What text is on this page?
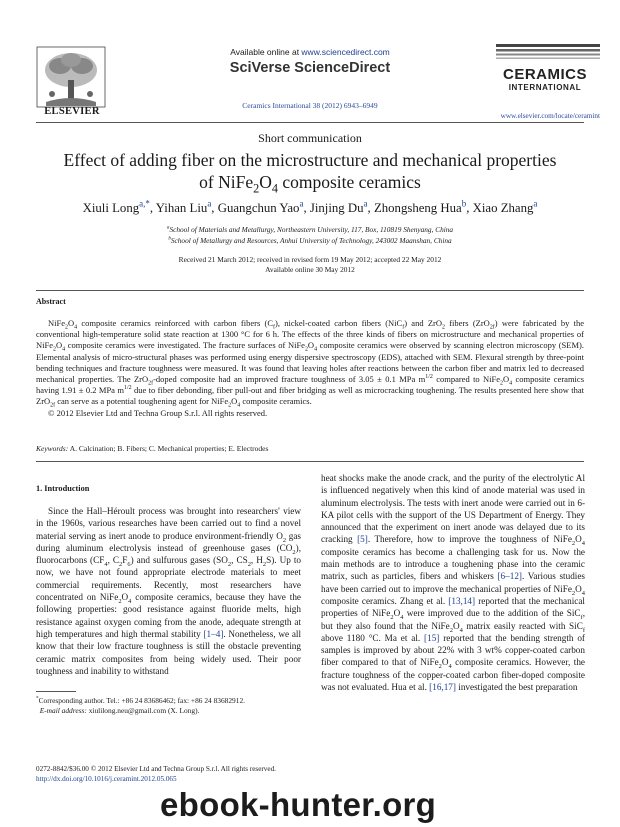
ELSEVIER
Available online at www.sciencedirect.com
SciVerse ScienceDirect
Ceramics International 38 (2012) 6943–6949
CERAMICS
INTERNATIONAL
www.elsevier.com/locate/ceramint
Short communication
Effect of adding fiber on the microstructure and mechanical properties
of $NiFe_2O_4$ composite ceramics
Xiuli Long$^{a,*}$, Yihan Liu$^a$, Guangchun Yao$^a$, Jinjing Du$^a$, Zhongsheng Hua$^b$, Xiao Zhang$^a$
$^a$School of Materials and Metallurgy, Northeastern University, 117, Box, 110819 Shenyang, China
$^b$School of Metallurgy and Resources, Anhui University of Technology, 243002 Maanshan, China
Received 21 March 2012; received in revised form 19 May 2012; accepted 22 May 2012
Available online 30 May 2012
Abstract

$NiFe_2O_4$ composite ceramics reinforced with carbon fibers $(C_f)$, nickel-coated carbon fibers (NiC$_f$) and ZrO$_2$ fibers (ZrO$_{2f}$) were fabricated by the conventional high-temperature solid state reaction at 1300 °C for 6 h. The effects of the three kinds of fibers on microstructure and mechanical properties of $NiFe_2O_4$ composite ceramics were investigated. The fracture surfaces of $NiFe_2O_4$ composite ceramics were observed by scanning electron microscopy (SEM). Elemental analysis of micro-structural phases was performed using energy dispersive spectroscopy (EDS), attached with SEM. Flexural strength by three-point bending techniques and fracture toughness were measured. It was found that leaving holes after reactions between the carbon fiber and matrix led to decreased mechanical properties. The ZrO$_{2f}$-doped composite had an improved fracture toughness of 3.05 ± 0.1 MPa $m^{1/2}$ compared to $NiFe_2O_4$ composite ceramics having 1.91 ± 0.2 MPa $m^{1/2}$ due to fiber debonding, fiber pull-out and fiber bridging as well as microcracking toughening. The results presented here show that ZrO$_{2f}$ can serve as a potential toughening agent for $NiFe_2O_4$ composite ceramics.

© 2012 Elsevier Ltd and Techna Group S.r.l. All rights reserved.

Keywords: A. Calcination; B. Fibers; C. Mechanical properties; E. Electrodes
1. Introduction

Since the Hall–Héroult process was brought into researchers' view in the 1960s, various researches have been carried out to find a novel material serving as inert anode to produce environment-friendly $O_2$ gas during aluminum electrolysis instead of greenhouse gases $(CO_2)$, fluorocarbons ($CF_4$, $C_2F_6$) and sulfurous gases ($SO_2$, $CS_2$, $H_2S$). Up to now, we have not found appropriate electrode materials to meet commercial requirements. Recently, most researchers have concentrated on $NiFe_2O_4$ composite ceramics, because they have the following properties: good resistance against fluoride melts, high resistance against oxygen coming from the anode, adequate strength at high temperatures and high thermal stability [1–4]. Nonetheless, we all know that their low fracture toughness is still the obstacle preventing ceramic matrix composites from being widely used. Their poor toughness and inability to withstand

heat shocks make the anode crack, and the purity of the electrolytic Al is influenced negatively when this kind of anode material was used in aluminum electrolysis. The tests with inert anode were carried out in 6-KA pilot cells with the support of the US Department of Energy. They announced that the experiment on inert anode was delayed due to its cracking [5]. Therefore, how to improve the toughness of $NiFe_2O_4$ composite ceramics has become a challenging task for us. Now the main methods are to introduce a toughening phase into the ceramic matrix, such as particles, fibers and whiskers [6–12]. Various studies have been carried out to improve the mechanical properties of $NiFe_2O_4$ composite ceramics. Zhang et al. [13,14] reported that the mechanical properties of $NiFe_2O_4$ were improved due to the addition of the SiC$_f$, but they also found that the $NiFe_2O_4$ matrix easily reacted with SiC$_f$ above 1180 °C. Ma et al. [15] reported that the bending strength of samples is improved by about 22% with 3 wt% copper-coated carbon fiber compared to that of $NiFe_2O_4$ composite ceramics. However, the fracture toughness of the copper-coated carbon fiber-doped composite was not evaluated. Hua et al. [16,17] investigated the best preparation

*Corresponding author. Tel.: +86 24 83686462; fax: +86 24 83682912.
E-mail address: xiulilong.neu@gmail.com (X. Long).
0272-8842/$36.00 © 2012 Elsevier Ltd and Techna Group S.r.l. All rights reserved.
http://dx.doi.org/10.1016/j.ceramint.2012.05.065
ebook-hunter.org
